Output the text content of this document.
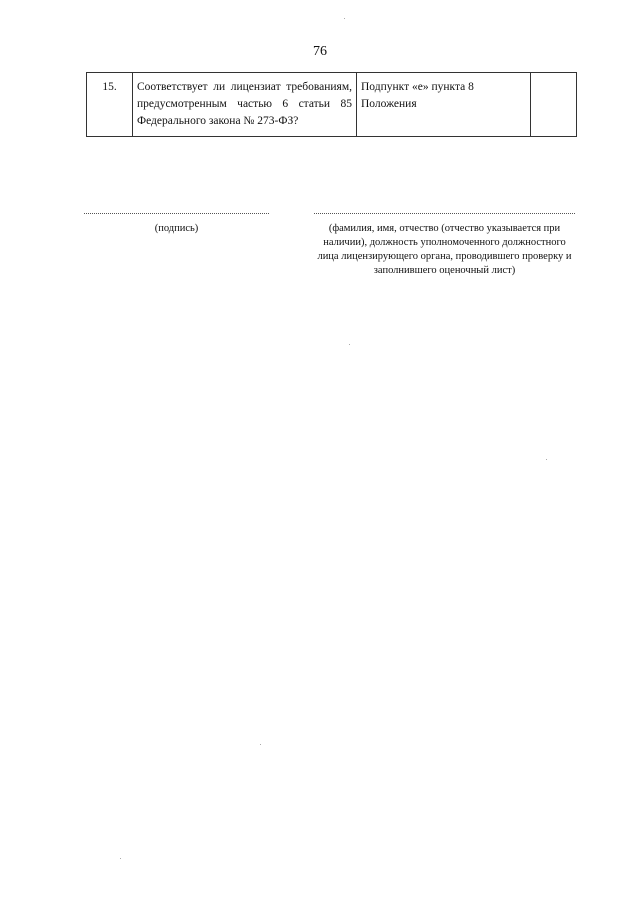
76
15.	Соответствует ли лицензиат требованиям, предусмотренным частью 6 статьи 85 Федерального закона № 273-ФЗ?	Подпункт «е» пункта 8 Положения	
(подпись)	(фамилия, имя, отчество (отчество указывается при наличии), должность уполномоченного должностного лица лицензирующего органа, проводившего проверку и заполнившего оценочный лист)
